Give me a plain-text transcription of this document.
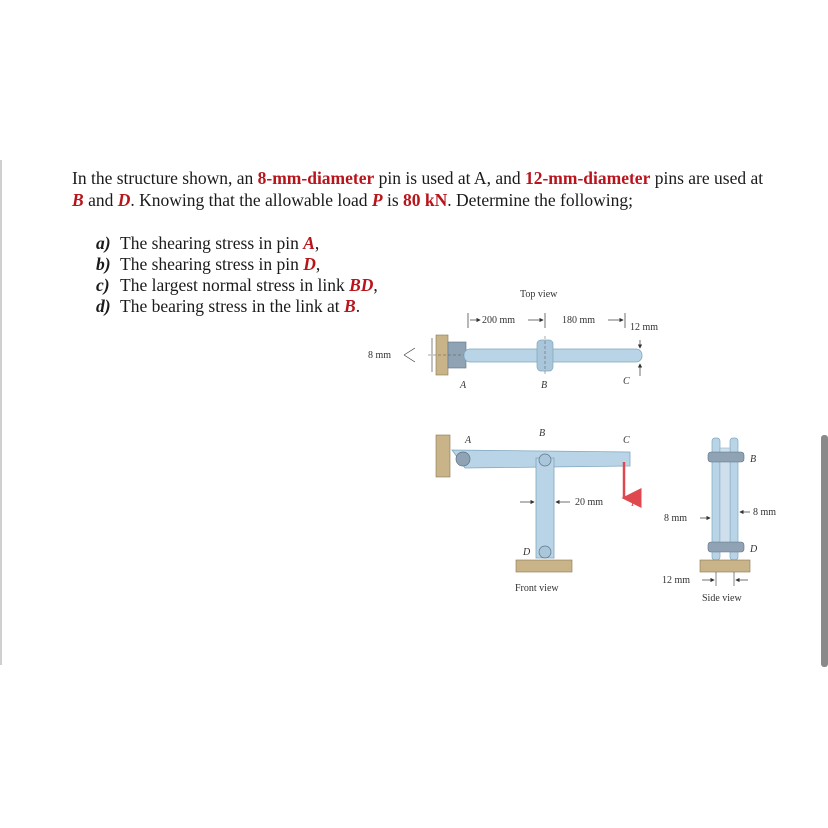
In the structure shown, an 8-mm-diameter pin is used at A, and 12-mm-diameter pins are used at B and D. Knowing that the allowable load P is 80 kN. Determine the following;

a) The shearing stress in pin A,
b) The shearing stress in pin D,
c) The largest normal stress in link BD,
d) The bearing stress in the link at B.
Top view
200 mm	180 mm
12 mm
8 mm
A	B	C
A
B
C
D
20 mm	P
Front view
B
D
8 mm
8 mm
12 mm
Side view
